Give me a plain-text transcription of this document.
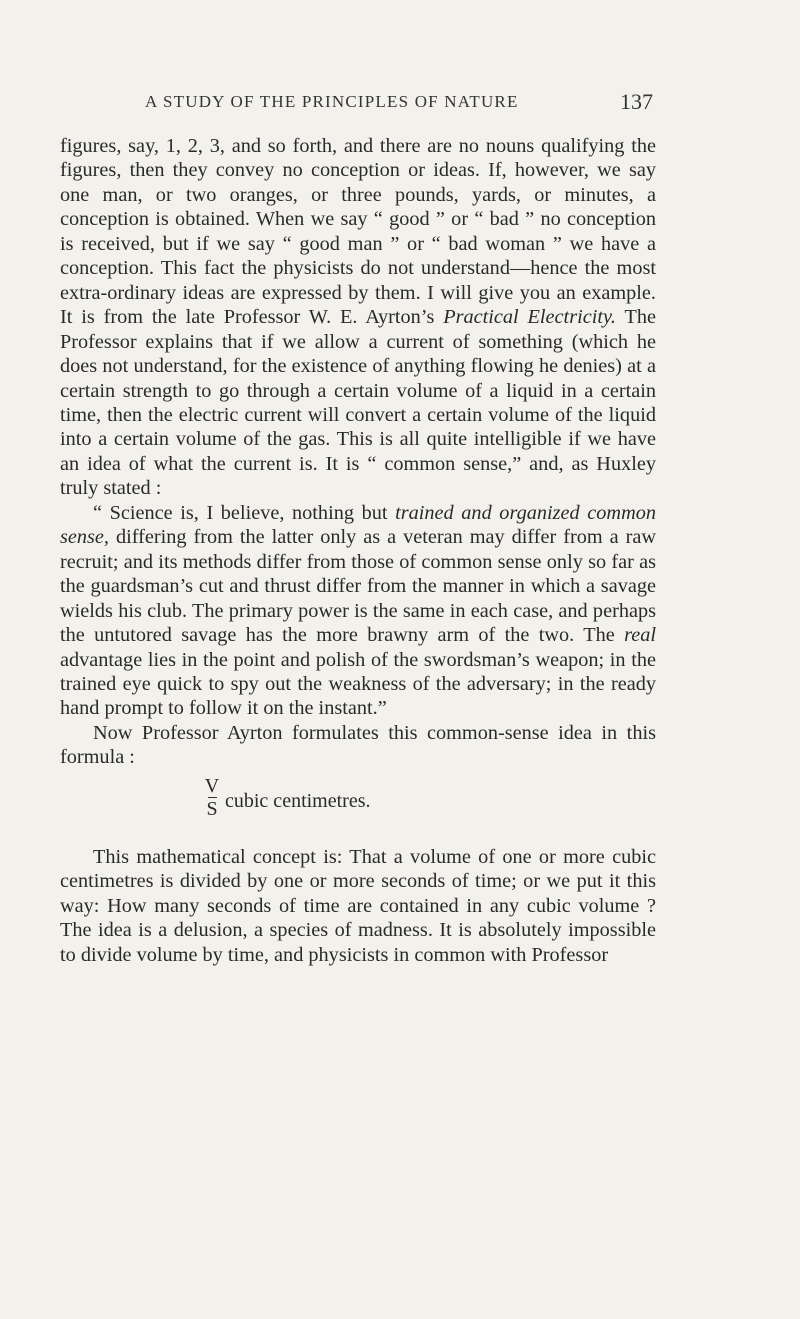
A STUDY OF THE PRINCIPLES OF NATURE	137

figures, say, 1, 2, 3, and so forth, and there are no nouns qualifying the figures, then they convey no conception or ideas. If, however, we say one man, or two oranges, or three pounds, yards, or minutes, a conception is obtained. When we say “ good ” or “ bad ” no conception is received, but if we say “ good man ” or “ bad woman ” we have a conception. This fact the physicists do not understand—hence the most extra-ordinary ideas are expressed by them. I will give you an example. It is from the late Professor W. E. Ayrton’s Practical Electricity. The Professor explains that if we allow a current of something (which he does not understand, for the existence of anything flowing he denies) at a certain strength to go through a certain volume of a liquid in a certain time, then the electric current will convert a certain volume of the liquid into a certain volume of the gas. This is all quite intelligible if we have an idea of what the current is. It is “ common sense,” and, as Huxley truly stated :

“ Science is, I believe, nothing but trained and organized common sense, differing from the latter only as a veteran may differ from a raw recruit; and its methods differ from those of common sense only so far as the guardsman’s cut and thrust differ from the manner in which a savage wields his club. The primary power is the same in each case, and perhaps the untutored savage has the more brawny arm of the two. The real advantage lies in the point and polish of the swordsman’s weapon; in the trained eye quick to spy out the weakness of the adversary; in the ready hand prompt to follow it on the instant.”

Now Professor Ayrton formulates this common-sense idea in this formula :

V
S cubic centimetres.

This mathematical concept is: That a volume of one or more cubic centimetres is divided by one or more seconds of time; or we put it this way: How many seconds of time are contained in any cubic volume ? The idea is a delusion, a species of madness. It is absolutely impossible to divide volume by time, and physicists in common with Professor
